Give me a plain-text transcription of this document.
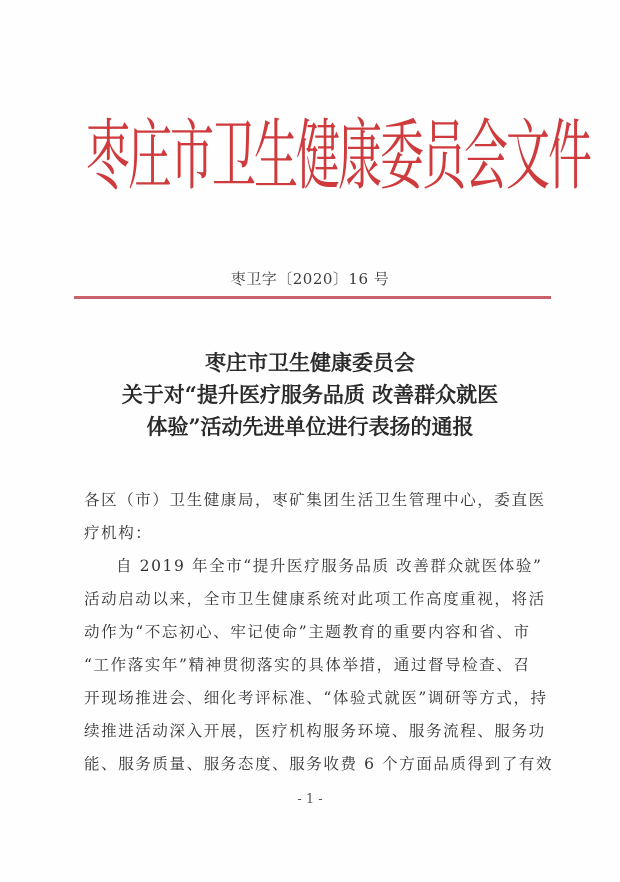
枣
庄
市
卫
生
健
康
委
员
会
文
件
枣卫字〔2020〕16 号
枣庄市卫生健康委员会
关于对“提升医疗服务品质 改善群众就医
体验”活动先进单位进行表扬的通报
各区（市）卫生健康局，枣矿集团生活卫生管理中心，委直医
疗机构：
自 2019 年全市“提升医疗服务品质 改善群众就医体验”
活动启动以来，全市卫生健康系统对此项工作高度重视，将活
动作为“不忘初心、牢记使命”主题教育的重要内容和省、市
“工作落实年”精神贯彻落实的具体举措，通过督导检查、召
开现场推进会、细化考评标准、“体验式就医”调研等方式，持
续推进活动深入开展，医疗机构服务环境、服务流程、服务功
能、服务质量、服务态度、服务收费 6 个方面品质得到了有效
- 1 -
